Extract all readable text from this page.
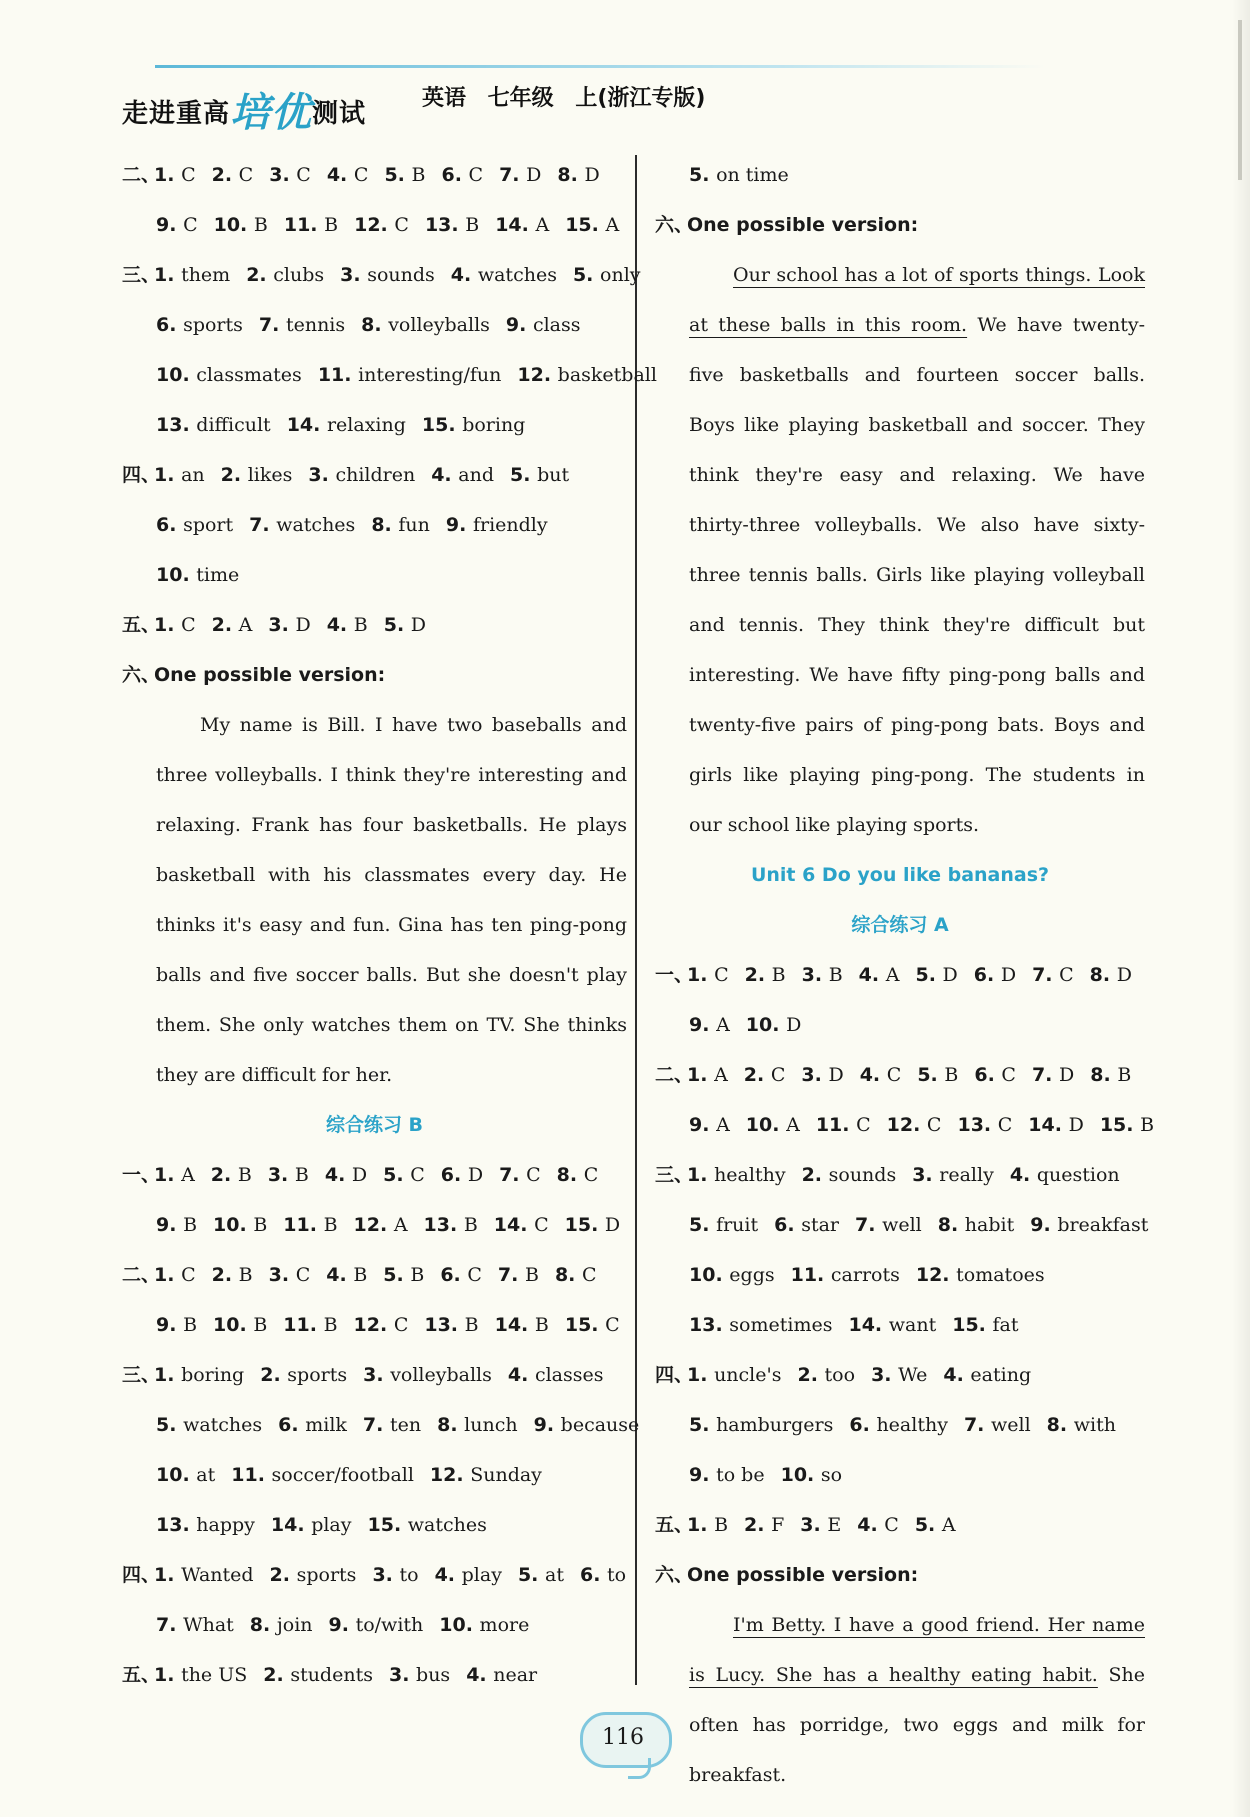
走进重高培优测试
英语 七年级 上(浙江专版)
二、1. C 2. C 3. C 4. C 5. B 6. C 7. D 8. D
9. C 10. B 11. B 12. C 13. B 14. A 15. A
三、1. them 2. clubs 3. sounds 4. watches 5. only
6. sports 7. tennis 8. volleyballs 9. class
10. classmates 11. interesting/fun 12. basketball
13. difficult 14. relaxing 15. boring
四、1. an 2. likes 3. children 4. and 5. but
6. sport 7. watches 8. fun 9. friendly
10. time
五、1. C 2. A 3. D 4. B 5. D
六、One possible version:
My name is Bill. I have two baseballs and three volleyballs. I think they're interesting and relaxing. Frank has four basketballs. He plays basketball with his classmates every day. He thinks it's easy and fun. Gina has ten ping-pong balls and five soccer balls. But she doesn't play them. She only watches them on TV. She thinks they are difficult for her.
综合练习 B
一、1. A 2. B 3. B 4. D 5. C 6. D 7. C 8. C
9. B 10. B 11. B 12. A 13. B 14. C 15. D
二、1. C 2. B 3. C 4. B 5. B 6. C 7. B 8. C
9. B 10. B 11. B 12. C 13. B 14. B 15. C
三、1. boring 2. sports 3. volleyballs 4. classes
5. watches 6. milk 7. ten 8. lunch 9. because
10. at 11. soccer/football 12. Sunday
13. happy 14. play 15. watches
四、1. Wanted 2. sports 3. to 4. play 5. at 6. to
7. What 8. join 9. to/with 10. more
五、1. the US 2. students 3. bus 4. near
5. on time
六、One possible version:
Our school has a lot of sports things. Look at these balls in this room. We have twenty-five basketballs and fourteen soccer balls. Boys like playing basketball and soccer. They think they're easy and relaxing. We have thirty-three volleyballs. We also have sixty-three tennis balls. Girls like playing volleyball and tennis. They think they're difficult but interesting. We have fifty ping-pong balls and twenty-five pairs of ping-pong bats. Boys and girls like playing ping-pong. The students in our school like playing sports.
Unit 6 Do you like bananas?
综合练习 A
一、1. C 2. B 3. B 4. A 5. D 6. D 7. C 8. D
9. A 10. D
二、1. A 2. C 3. D 4. C 5. B 6. C 7. D 8. B
9. A 10. A 11. C 12. C 13. C 14. D 15. B
三、1. healthy 2. sounds 3. really 4. question
5. fruit 6. star 7. well 8. habit 9. breakfast
10. eggs 11. carrots 12. tomatoes
13. sometimes 14. want 15. fat
四、1. uncle's 2. too 3. We 4. eating
5. hamburgers 6. healthy 7. well 8. with
9. to be 10. so
五、1. B 2. F 3. E 4. C 5. A
六、One possible version:
I'm Betty. I have a good friend. Her name is Lucy. She has a healthy eating habit. She often has porridge, two eggs and milk for breakfast.
116
